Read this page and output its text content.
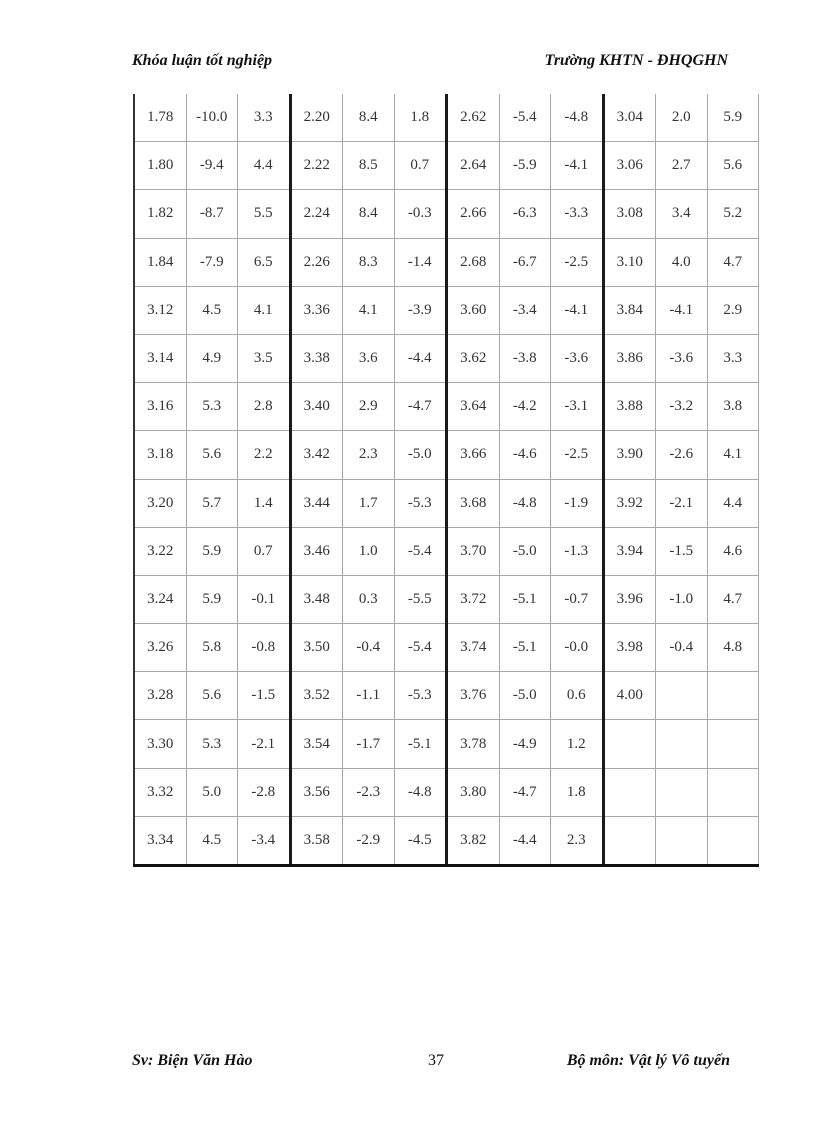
Khóa luận tốt nghiệp	Trường KHTN - ĐHQGHN
1.78	-10.0	3.3	2.20	8.4	1.8	2.62	-5.4	-4.8	3.04	2.0	5.9
1.80	-9.4	4.4	2.22	8.5	0.7	2.64	-5.9	-4.1	3.06	2.7	5.6
1.82	-8.7	5.5	2.24	8.4	-0.3	2.66	-6.3	-3.3	3.08	3.4	5.2
1.84	-7.9	6.5	2.26	8.3	-1.4	2.68	-6.7	-2.5	3.10	4.0	4.7
3.12	4.5	4.1	3.36	4.1	-3.9	3.60	-3.4	-4.1	3.84	-4.1	2.9
3.14	4.9	3.5	3.38	3.6	-4.4	3.62	-3.8	-3.6	3.86	-3.6	3.3
3.16	5.3	2.8	3.40	2.9	-4.7	3.64	-4.2	-3.1	3.88	-3.2	3.8
3.18	5.6	2.2	3.42	2.3	-5.0	3.66	-4.6	-2.5	3.90	-2.6	4.1
3.20	5.7	1.4	3.44	1.7	-5.3	3.68	-4.8	-1.9	3.92	-2.1	4.4
3.22	5.9	0.7	3.46	1.0	-5.4	3.70	-5.0	-1.3	3.94	-1.5	4.6
3.24	5.9	-0.1	3.48	0.3	-5.5	3.72	-5.1	-0.7	3.96	-1.0	4.7
3.26	5.8	-0.8	3.50	-0.4	-5.4	3.74	-5.1	-0.0	3.98	-0.4	4.8
3.28	5.6	-1.5	3.52	-1.1	-5.3	3.76	-5.0	0.6	4.00		
3.30	5.3	-2.1	3.54	-1.7	-5.1	3.78	-4.9	1.2			
3.32	5.0	-2.8	3.56	-2.3	-4.8	3.80	-4.7	1.8			
3.34	4.5	-3.4	3.58	-2.9	-4.5	3.82	-4.4	2.3			
Sv: Biện Văn Hào	37	Bộ môn: Vật lý Vô tuyến
